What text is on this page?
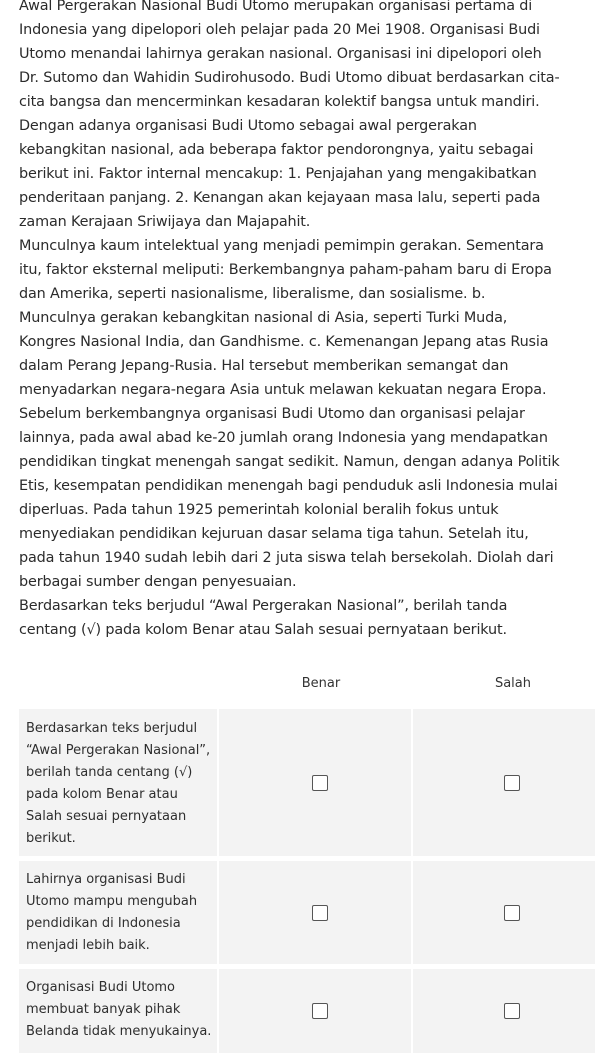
Awal Pergerakan Nasional Budi Utomo merupakan organisasi pertama di Indonesia yang dipelopori oleh pelajar pada 20 Mei 1908. Organisasi Budi Utomo menandai lahirnya gerakan nasional. Organisasi ini dipelopori oleh Dr. Sutomo dan Wahidin Sudirohusodo. Budi Utomo dibuat berdasarkan cita-cita bangsa dan mencerminkan kesadaran kolektif bangsa untuk mandiri. Dengan adanya organisasi Budi Utomo sebagai awal pergerakan kebangkitan nasional, ada beberapa faktor pendorongnya, yaitu sebagai berikut ini. Faktor internal mencakup: 1. Penjajahan yang mengakibatkan penderitaan panjang. 2. Kenangan akan kejayaan masa lalu, seperti pada zaman Kerajaan Sriwijaya dan Majapahit.

Munculnya kaum intelektual yang menjadi pemimpin gerakan. Sementara itu, faktor eksternal meliputi: Berkembangnya paham-paham baru di Eropa dan Amerika, seperti nasionalisme, liberalisme, dan sosialisme. b. Munculnya gerakan kebangkitan nasional di Asia, seperti Turki Muda, Kongres Nasional India, dan Gandhisme. c. Kemenangan Jepang atas Rusia dalam Perang Jepang-Rusia. Hal tersebut memberikan semangat dan menyadarkan negara-negara Asia untuk melawan kekuatan negara Eropa. Sebelum berkembangnya organisasi Budi Utomo dan organisasi pelajar lainnya, pada awal abad ke-20 jumlah orang Indonesia yang mendapatkan pendidikan tingkat menengah sangat sedikit. Namun, dengan adanya Politik Etis, kesempatan pendidikan menengah bagi penduduk asli Indonesia mulai diperluas. Pada tahun 1925 pemerintah kolonial beralih fokus untuk menyediakan pendidikan kejuruan dasar selama tiga tahun. Setelah itu, pada tahun 1940 sudah lebih dari 2 juta siswa telah bersekolah. Diolah dari berbagai sumber dengan penyesuaian.

Berdasarkan teks berjudul “Awal Pergerakan Nasional”, berilah tanda centang (√) pada kolom Benar atau Salah sesuai pernyataan berikut.

Benar	Salah
Berdasarkan teks berjudul “Awal Pergerakan Nasional”, berilah tanda centang (√) pada kolom Benar atau Salah sesuai pernyataan berikut.
Lahirnya organisasi Budi Utomo mampu mengubah pendidikan di Indonesia menjadi lebih baik.
Organisasi Budi Utomo membuat banyak pihak Belanda tidak menyukainya.
